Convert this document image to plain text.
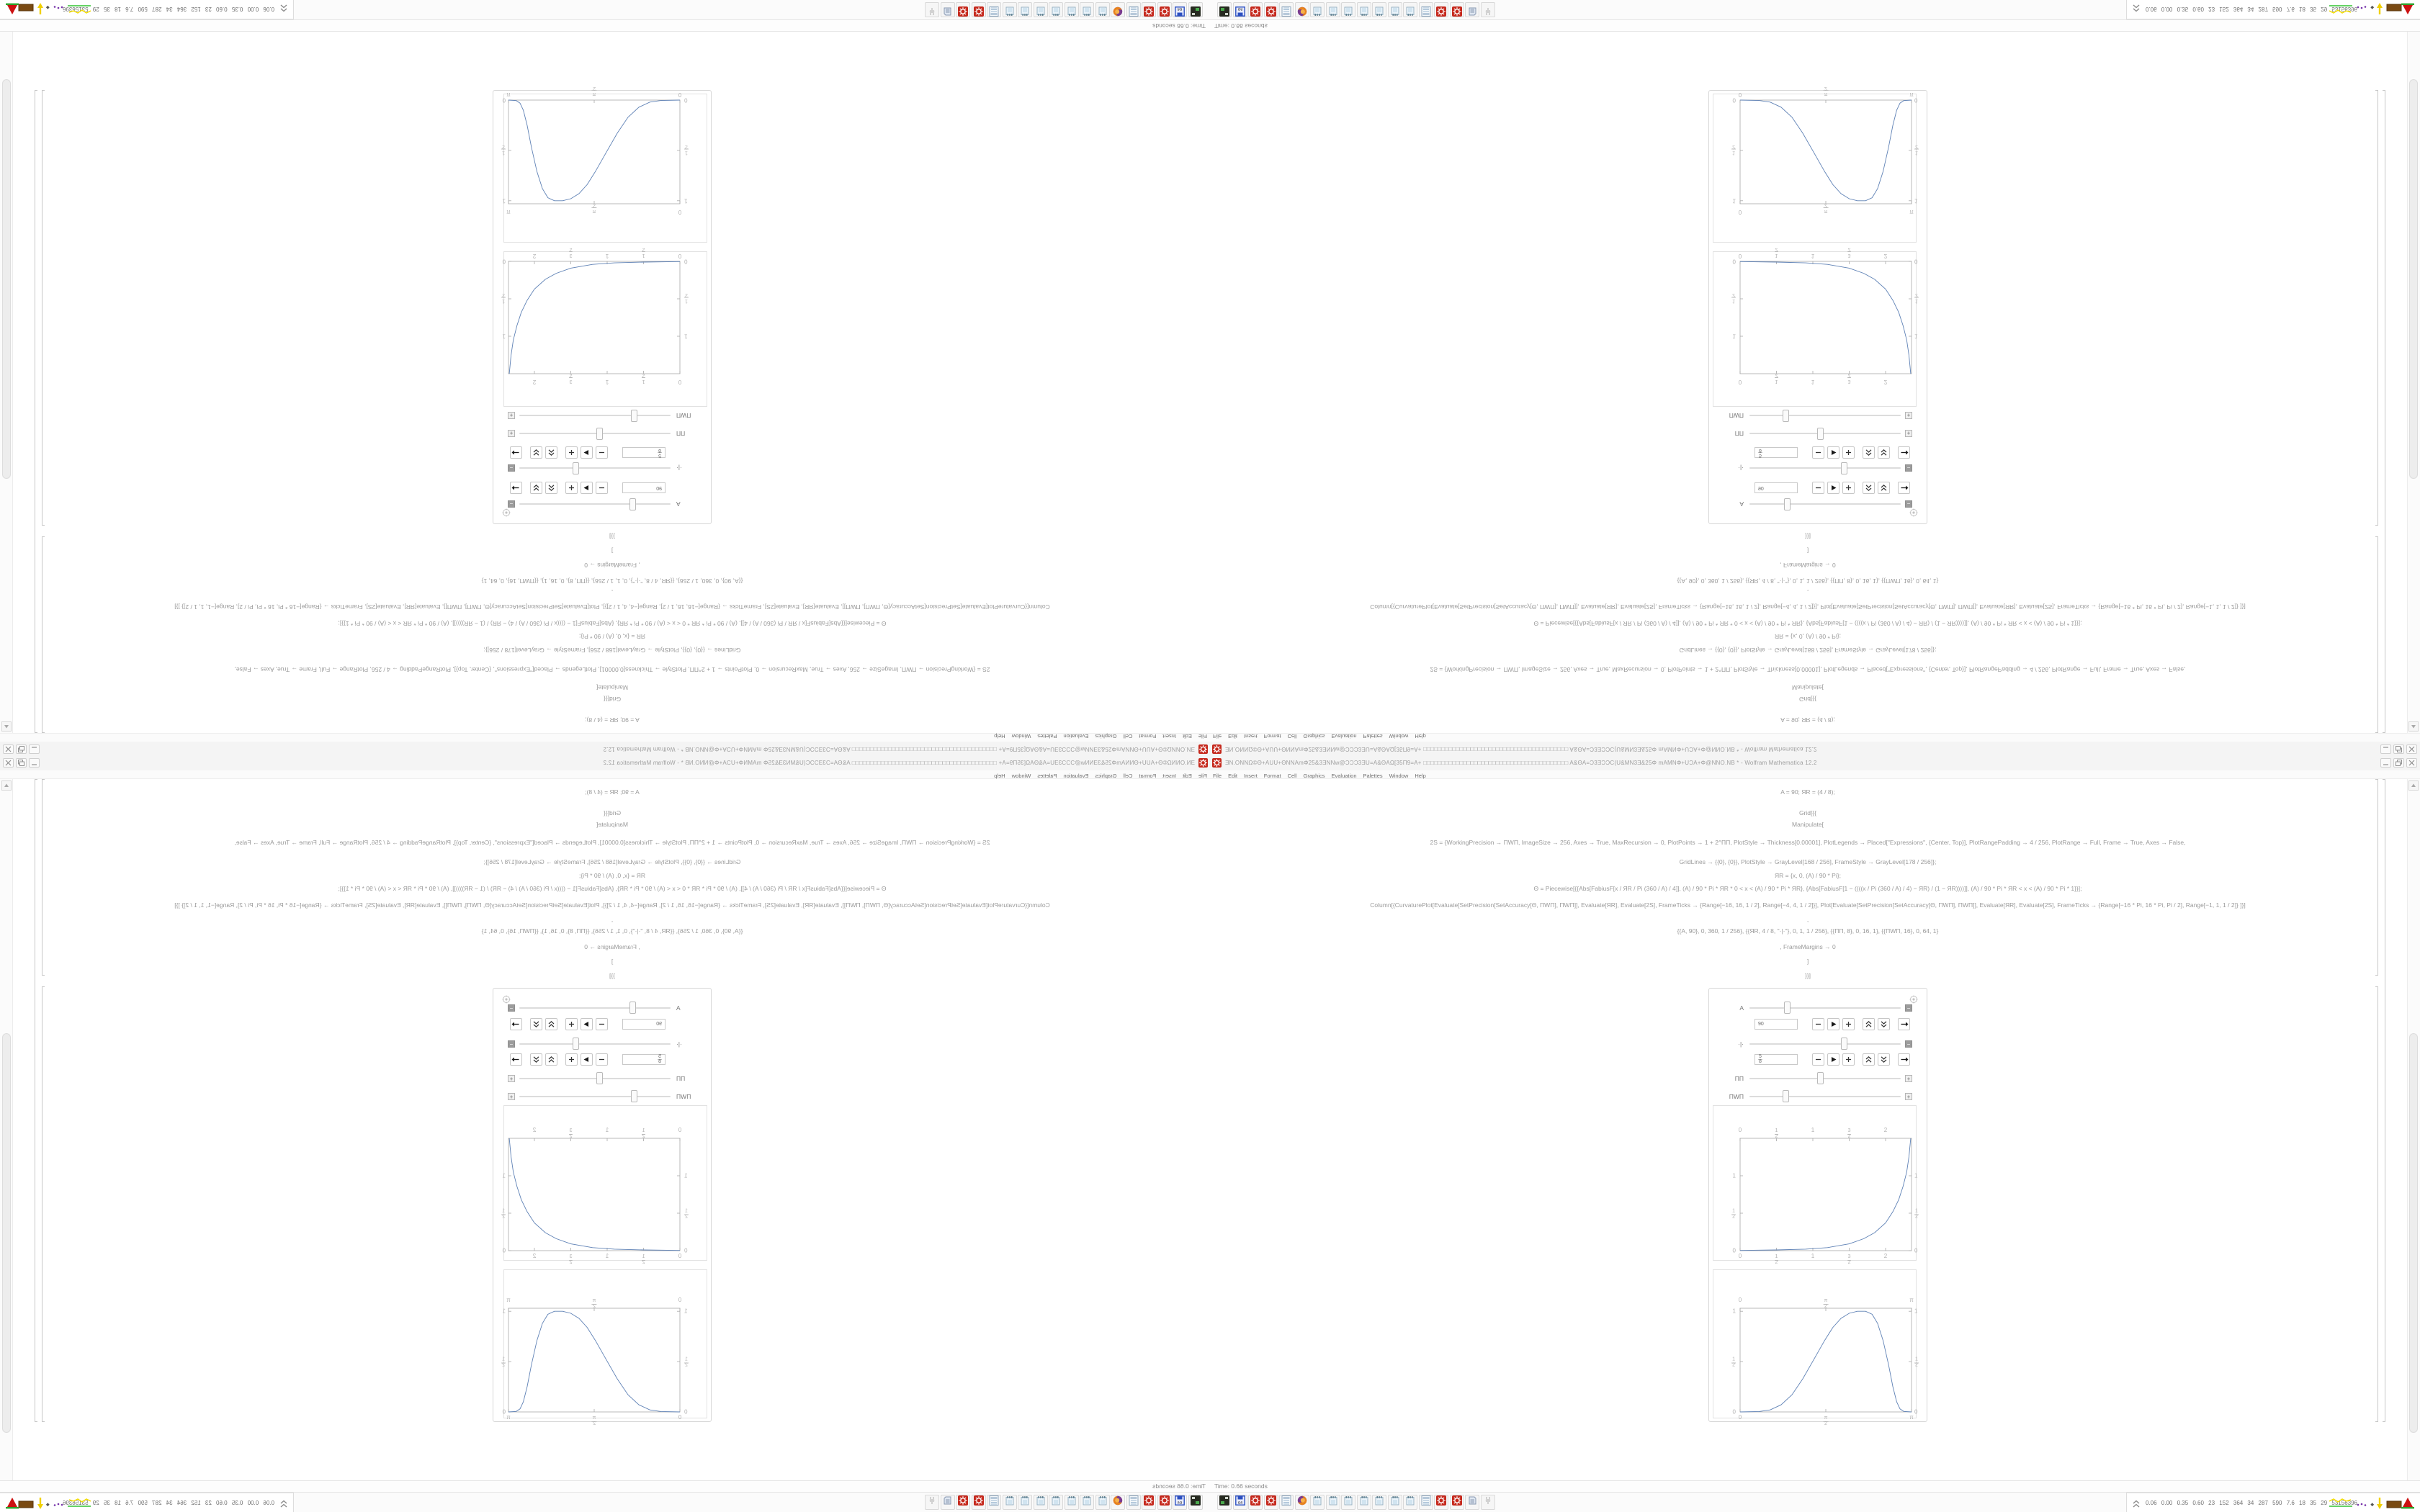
ƎN.ONNΩ©Θ+AUU+ΘNNAmΦ25&3ƎNNw@ƆƆƆ3ƎU=A&ΘAΩ[35Π9=A+ □□□□□□□□□□□□□□□□□□□□□□□□□□□□□□□□□□□□□□□□ A&ΘA=Ɔ3ƎƆƆC(U&MN3Ǝ&25Φ mAMNΦ+UƆA+Φ@NNO.NB * - Wolfram Mathematica 12.2
FileEditInsertFormatCellGraphicsEvaluationPalettesWindowHelp
A = 90; ЯR = (4 / 8);
Grid[{{
Manipulate[
2S = {WorkingPrecision → ΠWΠ, ImageSize → 256, Axes → True, MaxRecursion → 0, PlotPoints → 1 + 2^ΠΠ, PlotStyle → Thickness[0.00001], PlotLegends → Placed["Expressions", {Center, Top}], PlotRangePadding → 4 / 256, PlotRange → Full, Frame → True, Axes → False,
GridLines → {{0}, {0}}, PlotStyle → GrayLevel[168 / 256], FrameStyle → GrayLevel[178 / 256]};
ЯR = {x, 0, (A) / 90 * Pi};
Θ = Piecewise[{{Abs[FabiusF[x / ЯR / Pi (360 / A) / 4]], (A) / 90 * Pi * ЯR * 0 < x < (A) / 90 * Pi * ЯR}, {Abs[FabiusF[1 − ((((x / Pi (360 / A) / 4) − ЯR) / (1 − ЯR))))]], (A) / 90 * Pi * ЯR < x < (A) / 90 * Pi * 1}}];
Column[{CurvaturePlot[Evaluate[SetPrecision[SetAccuracy[Θ, ΠWΠ], ΠWΠ]], Evaluate[ЯR], Evaluate[2S], FrameTicks → {Range[−16, 16, 1 / 2], Range[−4, 4, 1 / 2]}], Plot[Evaluate[SetPrecision[SetAccuracy[Θ, ΠWΠ], ΠWΠ]], Evaluate[ЯR], Evaluate[2S], FrameTicks → {Range[−16 * Pi, 16 * Pi, Pi / 2], Range[−1, 1, 1 / 2]} ]}]
,
{{A, 90}, 0, 360, 1 / 256}, {{ЯR, 4 / 8, "·|·"}, 0, 1, 1 / 256}, {{ΠΠ, 8}, 0, 16, 1}, {{ΠWΠ, 16}, 0, 64, 1}
, FrameMargins → 0
]
}}]
A
−
90
·|·
−
5
8
ΠΠ
+
ΠWΠ
+
0
0
1
2
1
2
1
1
3
2
3
2
2
2
1
1
1
2
1
2
0
0
0
0
π
2
π
2
π
π
1
1
1
2
1
2
0
0
Time: 0.66 seconds
64
0.06 0.00 0.35 0.60 23 152 364 34 287 590 7.6 18 35 29 53156396
ƎN.ONNΩ©Θ+AUU+ΘNNAmΦ25&3ƎNNw@ƆƆƆ3ƎU=A&ΘAΩ[35Π9=A+ □□□□□□□□□□□□□□□□□□□□□□□□□□□□□□□□□□□□□□□□ A&ΘA=Ɔ3ƎƆƆC(U&MN3Ǝ&25Φ mAMNΦ+UƆA+Φ@NNO.NB * - Wolfram Mathematica 12.2
File Edit Insert Format Cell Graphics Evaluation Palettes Window Help
A = 90; ЯR = (4 / 8);
Grid[{{
Manipulate[
2S = {WorkingPrecision → ΠWΠ, ImageSize → 256, Axes → True, MaxRecursion → 0, PlotPoints → 1 + 2^ΠΠ, PlotStyle → Thickness[0.00001], PlotLegends → Placed["Expressions", {Center, Top}], PlotRangePadding → 4 / 256, PlotRange → Full, Frame → True, Axes → False,
GridLines → {{0}, {0}}, PlotStyle → GrayLevel[168 / 256], FrameStyle → GrayLevel[178 / 256]};
ЯR = {x, 0, (A) / 90 * Pi};
Θ = Piecewise[{{Abs[FabiusF[x / ЯR / Pi (360 / A) / 4]], (A) / 90 * Pi * ЯR * 0 < x < (A) / 90 * Pi * ЯR}, {Abs[FabiusF[1 − ((((x / Pi (360 / A) / 4) − ЯR) / (1 − ЯR))))]], (A) / 90 * Pi * ЯR < x < (A) / 90 * Pi * 1}}];
Column[{CurvaturePlot[Evaluate[SetPrecision[SetAccuracy[Θ, ΠWΠ], ΠWΠ]], Evaluate[ЯR], Evaluate[2S], FrameTicks → {Range[−16, 16, 1 / 2], Range[−4, 4, 1 / 2]}], Plot[Evaluate[SetPrecision[SetAccuracy[Θ, ΠWΠ], ΠWΠ]], Evaluate[ЯR], Evaluate[2S], FrameTicks → {Range[−16 * Pi, 16 * Pi, Pi / 2], Range[−1, 1, 1 / 2]} ]}]
,
{{A, 90}, 0, 360, 1 / 256}, {{ЯR, 4 / 8, "·|·"}, 0, 1, 1 / 256}, {{ΠΠ, 8}, 0, 16, 1}, {{ΠWΠ, 16}, 0, 64, 1}
, FrameMargins → 0
]
}}]
A	−
90
·|·	−
5
8
ΠΠ	+
ΠWΠ	+
0
0
1
2
1
2
1
1
3
2
3
2
2
2
1	1
1
2
1
2
0	0
0
0
π
2
π
2
π
π
1	1
1
2
1
2
0	0
Time: 0.66 seconds
64	0.06 0.00 0.35 0.60 23 152 364 34 287 590 7.6 18 35 29 53156396
ƎN.ONNΩ©Θ+AUU+ΘNNAmΦ25&3ƎNNw@ƆƆƆ3ƎU=A&ΘAΩ[35Π9=A+ □□□□□□□□□□□□□□□□□□□□□□□□□□□□□□□□□□□□□□□□ A&ΘA=Ɔ3ƎƆƆC(U&MN3Ǝ&25Φ mAMNΦ+UƆA+Φ@NNO.NB * - Wolfram Mathematica 12.2
FileEditInsertFormatCellGraphicsEvaluationPalettesWindowHelp
A = 90; ЯR = (4 / 8);
Grid[{{
Manipulate[
2S = {WorkingPrecision → ΠWΠ, ImageSize → 256, Axes → True, MaxRecursion → 0, PlotPoints → 1 + 2^ΠΠ, PlotStyle → Thickness[0.00001], PlotLegends → Placed["Expressions", {Center, Top}], PlotRangePadding → 4 / 256, PlotRange → Full, Frame → True, Axes → False,
GridLines → {{0}, {0}}, PlotStyle → GrayLevel[168 / 256], FrameStyle → GrayLevel[178 / 256]};
ЯR = {x, 0, (A) / 90 * Pi};
Θ = Piecewise[{{Abs[FabiusF[x / ЯR / Pi (360 / A) / 4]], (A) / 90 * Pi * ЯR * 0 < x < (A) / 90 * Pi * ЯR}, {Abs[FabiusF[1 − ((((x / Pi (360 / A) / 4) − ЯR) / (1 − ЯR))))]], (A) / 90 * Pi * ЯR < x < (A) / 90 * Pi * 1}}];
Column[{CurvaturePlot[Evaluate[SetPrecision[SetAccuracy[Θ, ΠWΠ], ΠWΠ]], Evaluate[ЯR], Evaluate[2S], FrameTicks → {Range[−16, 16, 1 / 2], Range[−4, 4, 1 / 2]}], Plot[Evaluate[SetPrecision[SetAccuracy[Θ, ΠWΠ], ΠWΠ]], Evaluate[ЯR], Evaluate[2S], FrameTicks → {Range[−16 * Pi, 16 * Pi, Pi / 2], Range[−1, 1, 1 / 2]} ]}]
,
{{A, 90}, 0, 360, 1 / 256}, {{ЯR, 4 / 8, "·|·"}, 0, 1, 1 / 256}, {{ΠΠ, 8}, 0, 16, 1}, {{ΠWΠ, 16}, 0, 64, 1}
, FrameMargins → 0
]
}}]
A
−
90
·|·
−
$\frac{5}{8}$
ΠΠ
+
ΠWΠ
+
0
0
$\frac{1}{2}$
$\frac{1}{2}$
1
1
$\frac{3}{2}$
$\frac{3}{2}$
2
2
1
1
$\frac{1}{2}$
$\frac{1}{2}$
0
0
0
0
$\frac{\pi}{2}$
$\frac{\pi}{2}$
π
π
1
1
$\frac{1}{2}$
$\frac{1}{2}$
0
0
Time: 0.66 seconds
64
0.06 0.00 0.35 0.60 23 152 364 34 287 590 7.6 18 35 29 53156396
ƎN.ONNΩ©Θ+AUU+ΘNNAmΦ25&3ƎNNw@ƆƆƆ3ƎU=A&ΘAΩ[35Π9=A+ □□□□□□□□□□□□□□□□□□□□□□□□□□□□□□□□□□□□□□□□ A&ΘA=Ɔ3ƎƆƆC(U&MN3Ǝ&25Φ mAMNΦ+UƆA+Φ@NNO.NB * - Wolfram Mathematica 12.2
File Edit Insert Format Cell Graphics Evaluation Palettes Window Help
A = 90; ЯR = (4 / 8);
Grid[{{
Manipulate[
2S = {WorkingPrecision → ΠWΠ, ImageSize → 256, Axes → True, MaxRecursion → 0, PlotPoints → 1 + 2^ΠΠ, PlotStyle → Thickness[0.00001], PlotLegends → Placed["Expressions", {Center, Top}], PlotRangePadding → 4 / 256, PlotRange → Full, Frame → True, Axes → False,
GridLines → {{0}, {0}}, PlotStyle → GrayLevel[168 / 256], FrameStyle → GrayLevel[178 / 256]};
ЯR = {x, 0, (A) / 90 * Pi};
Θ = Piecewise[{{Abs[FabiusF[x / ЯR / Pi (360 / A) / 4]], (A) / 90 * Pi * ЯR * 0 < x < (A) / 90 * Pi * ЯR}, {Abs[FabiusF[1 − ((((x / Pi (360 / A) / 4) − ЯR) / (1 − ЯR))))]], (A) / 90 * Pi * ЯR < x < (A) / 90 * Pi * 1}}];
Column[{CurvaturePlot[Evaluate[SetPrecision[SetAccuracy[Θ, ΠWΠ], ΠWΠ]], Evaluate[ЯR], Evaluate[2S], FrameTicks → {Range[−16, 16, 1 / 2], Range[−4, 4, 1 / 2]}], Plot[Evaluate[SetPrecision[SetAccuracy[Θ, ΠWΠ], ΠWΠ]], Evaluate[ЯR], Evaluate[2S], FrameTicks → {Range[−16 * Pi, 16 * Pi, Pi / 2], Range[−1, 1, 1 / 2]} ]}]
,
{{A, 90}, 0, 360, 1 / 256}, {{ЯR, 4 / 8, "·|·"}, 0, 1, 1 / 256}, {{ΠΠ, 8}, 0, 16, 1}, {{ΠWΠ, 16}, 0, 64, 1}
, FrameMargins → 0
]
}}]
A	−
90
·|·	−
$\frac{5}{8}$
ΠΠ	+
ΠWΠ	+
0
0
$\frac{1}{2}$
$\frac{1}{2}$
1
1
$\frac{3}{2}$
$\frac{3}{2}$
2
2
1	1
$\frac{1}{2}$	$\frac{1}{2}$
0	0
0
0
$\frac{\pi}{2}$
$\frac{\pi}{2}$
π
π
1	1
$\frac{1}{2}$	$\frac{1}{2}$
0	0
Time: 0.66 seconds
64	0.06 0.00 0.35 0.60 23 152 364 34 287 590 7.6 18 35 29 53156396
